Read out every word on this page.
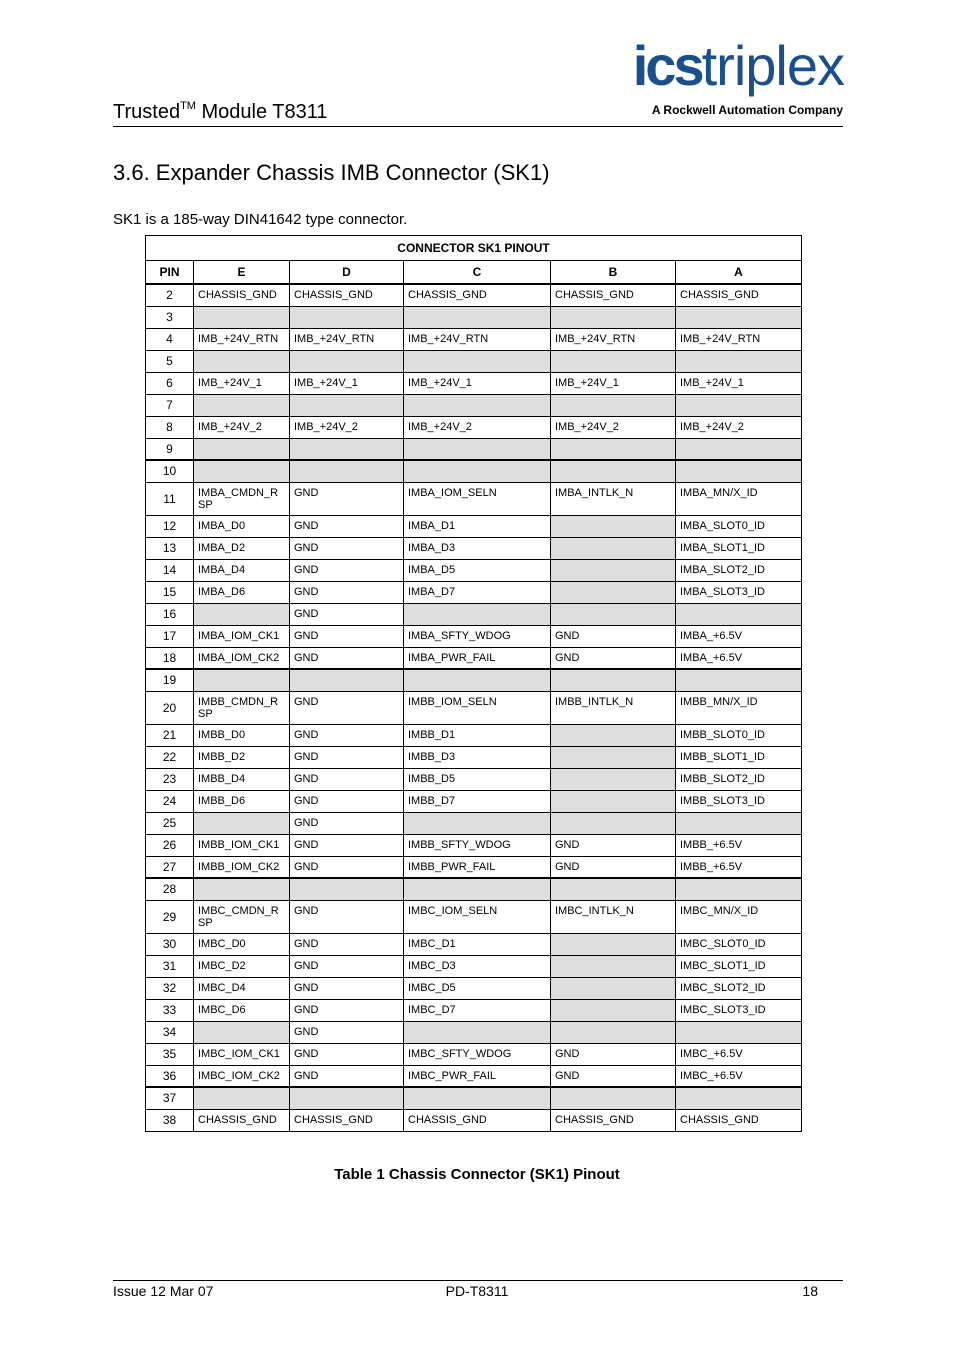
Trusted™ Module T8311
icstriplex
A Rockwell Automation Company
3.6. Expander Chassis IMB Connector (SK1)
SK1 is a 185-way DIN41642 type connector.
CONNECTOR SK1 PINOUT					
PIN	E	D	C	B	A
2	CHASSIS_GND	CHASSIS_GND	CHASSIS_GND	CHASSIS_GND	CHASSIS_GND
3					
4	IMB_+24V_RTN	IMB_+24V_RTN	IMB_+24V_RTN	IMB_+24V_RTN	IMB_+24V_RTN
5					
6	IMB_+24V_1	IMB_+24V_1	IMB_+24V_1	IMB_+24V_1	IMB_+24V_1
7					
8	IMB_+24V_2	IMB_+24V_2	IMB_+24V_2	IMB_+24V_2	IMB_+24V_2
9					
10					
11	IMBA_CMDN_R SP	GND	IMBA_IOM_SELN	IMBA_INTLK_N	IMBA_MN/X_ID
12	IMBA_D0	GND	IMBA_D1		IMBA_SLOT0_ID
13	IMBA_D2	GND	IMBA_D3		IMBA_SLOT1_ID
14	IMBA_D4	GND	IMBA_D5		IMBA_SLOT2_ID
15	IMBA_D6	GND	IMBA_D7		IMBA_SLOT3_ID
16		GND			
17	IMBA_IOM_CK1	GND	IMBA_SFTY_WDOG	GND	IMBA_+6.5V
18	IMBA_IOM_CK2	GND	IMBA_PWR_FAIL	GND	IMBA_+6.5V
19					
20	IMBB_CMDN_R SP	GND	IMBB_IOM_SELN	IMBB_INTLK_N	IMBB_MN/X_ID
21	IMBB_D0	GND	IMBB_D1		IMBB_SLOT0_ID
22	IMBB_D2	GND	IMBB_D3		IMBB_SLOT1_ID
23	IMBB_D4	GND	IMBB_D5		IMBB_SLOT2_ID
24	IMBB_D6	GND	IMBB_D7		IMBB_SLOT3_ID
25		GND			
26	IMBB_IOM_CK1	GND	IMBB_SFTY_WDOG	GND	IMBB_+6.5V
27	IMBB_IOM_CK2	GND	IMBB_PWR_FAIL	GND	IMBB_+6.5V
28					
29	IMBC_CMDN_R SP	GND	IMBC_IOM_SELN	IMBC_INTLK_N	IMBC_MN/X_ID
30	IMBC_D0	GND	IMBC_D1		IMBC_SLOT0_ID
31	IMBC_D2	GND	IMBC_D3		IMBC_SLOT1_ID
32	IMBC_D4	GND	IMBC_D5		IMBC_SLOT2_ID
33	IMBC_D6	GND	IMBC_D7		IMBC_SLOT3_ID
34		GND			
35	IMBC_IOM_CK1	GND	IMBC_SFTY_WDOG	GND	IMBC_+6.5V
36	IMBC_IOM_CK2	GND	IMBC_PWR_FAIL	GND	IMBC_+6.5V
37					
38	CHASSIS_GND	CHASSIS_GND	CHASSIS_GND	CHASSIS_GND	CHASSIS_GND
Table 1 Chassis Connector (SK1) Pinout
Issue 12 Mar 07	PD-T8311	18
